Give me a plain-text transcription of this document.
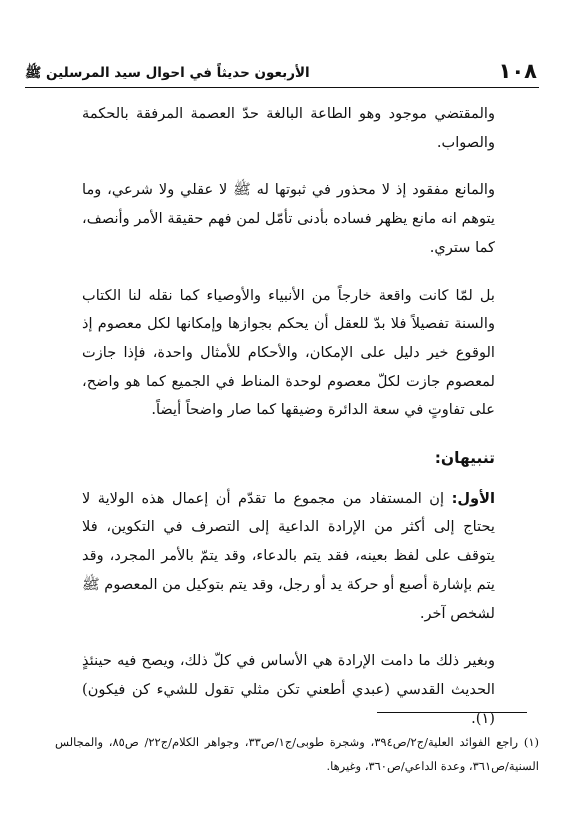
١٠٨
الأربعون حديثاً في احوال سيد المرسلين ﷺ

والمقتضي موجود وهو الطاعة البالغة حدّ العصمة المرفقة بالحكمة والصواب.

والمانع مفقود إذ لا محذور في ثبوتها له ﷺ لا عقلي ولا شرعي، وما يتوهم انه مانع يظهر فساده بأدنى تأمّل لمن فهم حقيقة الأمر وأنصف، كما ستري.

بل لمّا كانت واقعة خارجاً من الأنبياء والأوصياء كما نقله لنا الكتاب والسنة تفصيلاً فلا بدّ للعقل أن يحكم بجوازها وإمكانها لكل معصوم إذ الوقوع خير دليل على الإمكان، والأحكام للأمثال واحدة، فإذا جازت لمعصوم جازت لكلّ معصوم لوحدة المناط في الجميع كما هو واضح، على تفاوتٍ في سعة الدائرة وضيقها كما صار واضحاً أيضاً.

تنبيهان:

الأول: إن المستفاد من مجموع ما تقدّم أن إعمال هذه الولاية لا يحتاج إلى أكثر من الإرادة الداعية إلى التصرف في التكوين، فلا يتوقف على لفظ بعينه، فقد يتم بالدعاء، وقد يتمّ بالأمر المجرد، وقد يتم بإشارة أصبع أو حركة يد أو رجل، وقد يتم بتوكيل من المعصوم ﷺ لشخص آخر.

وبغير ذلك ما دامت الإرادة هي الأساس في كلّ ذلك، ويصح فيه حينئذٍ الحديث القدسي (عبدي أطعني تكن مثلي تقول للشيء كن فيكون)(١).

(١) راجع الفوائد العلية/ج٢/ص٣٩٤، وشجرة طوبى/ج١/ص٣٣، وجواهر الكلام/ج٢٢/ ص٨٥، والمجالس السنية/ص٣٦١، وعدة الداعي/ص٣٦٠، وغيرها.
